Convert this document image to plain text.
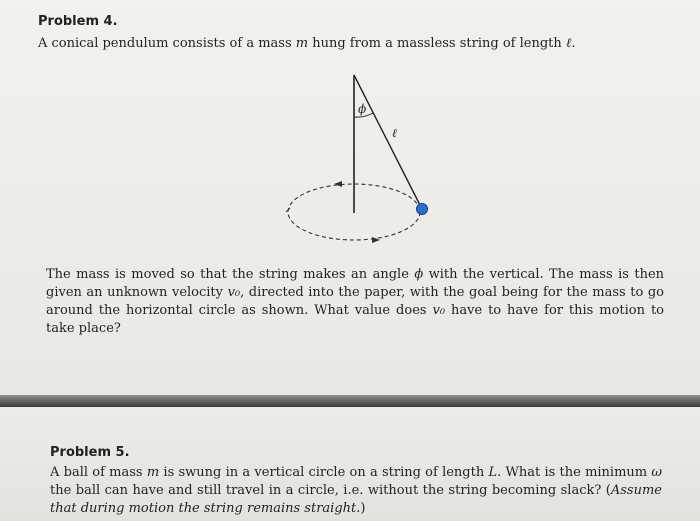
Problem 4.

A conical pendulum consists of a mass m hung from a massless string of length ℓ.

ϕ
ℓ

The mass is moved so that the string makes an angle ϕ with the vertical. The mass is then given an unknown velocity v₀, directed into the paper, with the goal being for the mass to go around the horizontal circle as shown. What value does v₀ have to have for this motion to take place?

Problem 5.

A ball of mass m is swung in a vertical circle on a string of length L. What is the minimum ω the ball can have and still travel in a circle, i.e. without the string becoming slack? (Assume that during motion the string remains straight.)
